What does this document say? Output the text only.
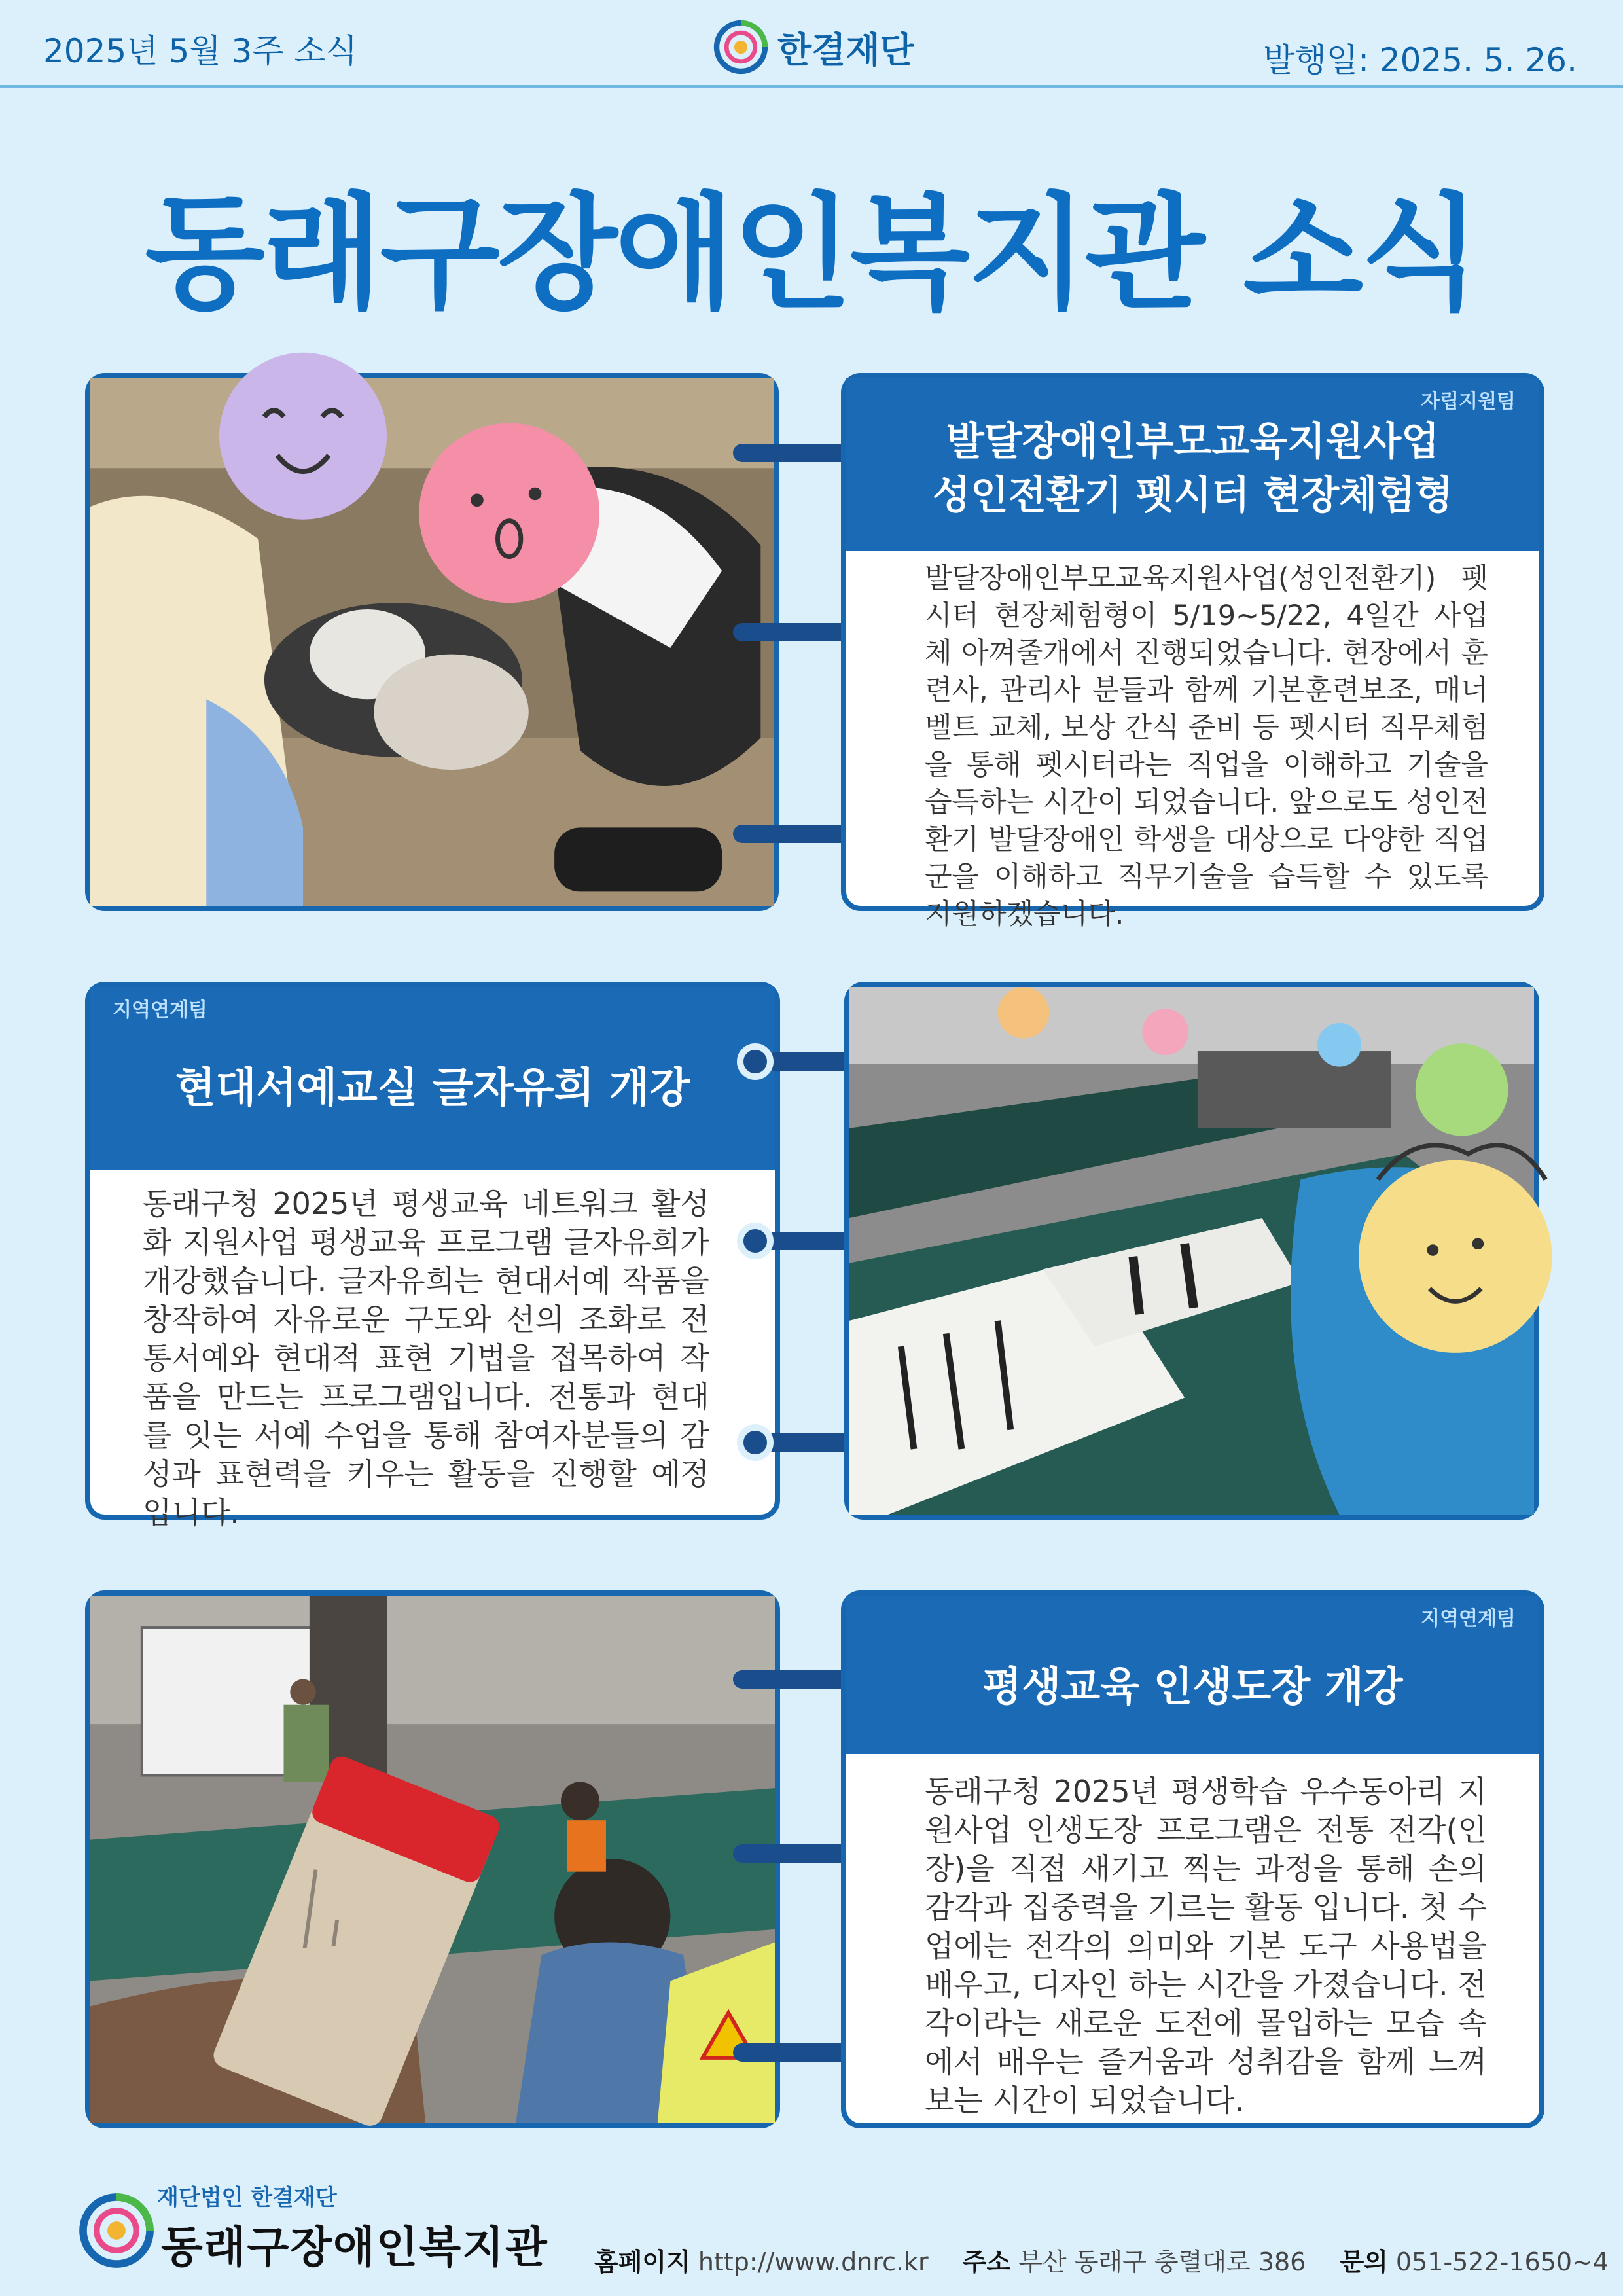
2025년 5월 3주 소식	한결재단	발행일: 2025. 5. 26.
동래구장애인복지관 소식
자립지원팀
발달장애인부모교육지원사업
성인전환기 펫시터 현장체험형
발달장애인부모교육지원사업(성인전환기) 펫시터 현장체험형이 5/19~5/22, 4일간 사업체 아껴줄개에서 진행되었습니다. 현장에서 훈련사, 관리사 분들과 함께 기본훈련보조, 매너벨트 교체, 보상 간식 준비 등 펫시터 직무체험을 통해 펫시터라는 직업을 이해하고 기술을 습득하는 시간이 되었습니다. 앞으로도 성인전환기 발달장애인 학생을 대상으로 다양한 직업군을 이해하고 직무기술을 습득할 수 있도록 지원하겠습니다.
지역연계팀
현대서예교실 글자유희 개강
동래구청 2025년 평생교육 네트워크 활성화 지원사업 평생교육 프로그램 글자유희가 개강했습니다. 글자유희는 현대서예 작품을 창작하여 자유로운 구도와 선의 조화로 전통서예와 현대적 표현 기법을 접목하여 작품을 만드는 프로그램입니다. 전통과 현대를 잇는 서예 수업을 통해 참여자분들의 감성과 표현력을 키우는 활동을 진행할 예정입니다.
지역연계팀
평생교육 인생도장 개강
동래구청 2025년 평생학습 우수동아리 지원사업 인생도장 프로그램은 전통 전각(인장)을 직접 새기고 찍는 과정을 통해 손의 감각과 집중력을 기르는 활동 입니다. 첫 수업에는 전각의 의미와 기본 도구 사용법을 배우고, 디자인 하는 시간을 가졌습니다. 전각이라는 새로운 도전에 몰입하는 모습 속에서 배우는 즐거움과 성취감을 함께 느껴보는 시간이 되었습니다.
재단법인 한결재단
동래구장애인복지관 홈페이지 http://www.dnrc.kr 주소 부산 동래구 충렬대로 386 문의 051-522-1650~4
